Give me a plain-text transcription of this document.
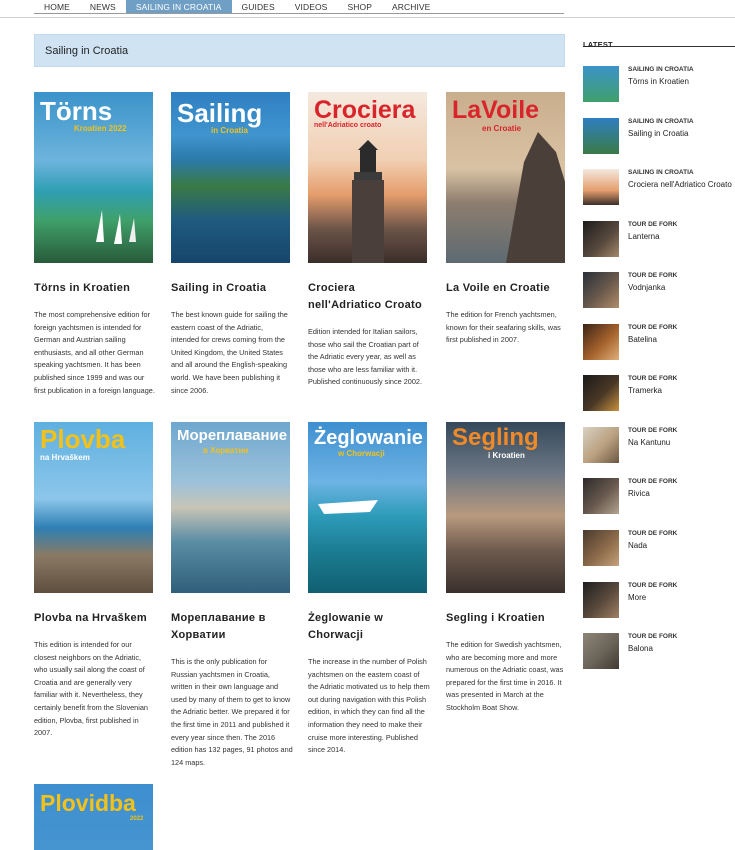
HOME	NEWS	SAILING IN CROATIA	GUIDES	VIDEOS	SHOP	ARCHIVE
Sailing in Croatia
Törns
Kroatien 2022
Törns in Kroatien

The most comprehensive edition for foreign yachtsmen is intended for German and Austrian sailing enthusiasts, and all other German speaking yachtsmen. It has been published since 1999 and was our first publication in a foreign language.

Sailing
in Croatia
Sailing in Croatia

The best known guide for sailing the eastern coast of the Adriatic, intended for crews coming from the United Kingdom, the United States and all around the English-speaking world. We have been publishing it since 2006.

Crociera
nell'Adriatico croato
Crociera nell'Adriatico Croato

Edition intended for Italian sailors, those who sail the Croatian part of the Adriatic every year, as well as those who are less familiar with it. Published continuously since 2002.

LaVoile
en Croatie
La Voile en Croatie

The edition for French yachtsmen, known for their seafaring skills, was first published in 2007.

Plovba
na Hrvaškem
Plovba na Hrvaškem

This edition is intended for our closest neighbors on the Adriatic, who usually sail along the coast of Croatia and are generally very familiar with it. Nevertheless, they certainly benefit from the Slovenian edition, Plovba, first published in 2007.

Мореплавание
в Хорватии
Мореплавание в Хорватии

This is the only publication for Russian yachtsmen in Croatia, written in their own language and used by many of them to get to know the Adriatic better. We prepared it for the first time in 2011 and published it every year since then. The 2016 edition has 132 pages, 91 photos and 124 maps.

Żeglowanie
w Chorwacji
Żeglowanie w Chorwacji

The increase in the number of Polish yachtsmen on the eastern coast of the Adriatic motivated us to help them out during navigation with this Polish edition, in which they can find all the information they need to make their cruise more interesting. Published since 2014.

Segling
i Kroatien
Segling i Kroatien

The edition for Swedish yachtsmen, who are becoming more and more numerous on the Adriatic coast, was prepared for the first time in 2016. It was presented in March at the Stockholm Boat Show.

Plovidba
2022
LATEST
SAILING IN CROATIA
Törns in Kroatien
SAILING IN CROATIA
Sailing in Croatia
SAILING IN CROATIA
Crociera nell'Adriatico Croato
TOUR DE FORK
Lanterna
TOUR DE FORK
Vodnjanka
TOUR DE FORK
Batelina
TOUR DE FORK
Tramerka
TOUR DE FORK
Na Kantunu
TOUR DE FORK
Rivica
TOUR DE FORK
Nada
TOUR DE FORK
More
TOUR DE FORK
Balona
